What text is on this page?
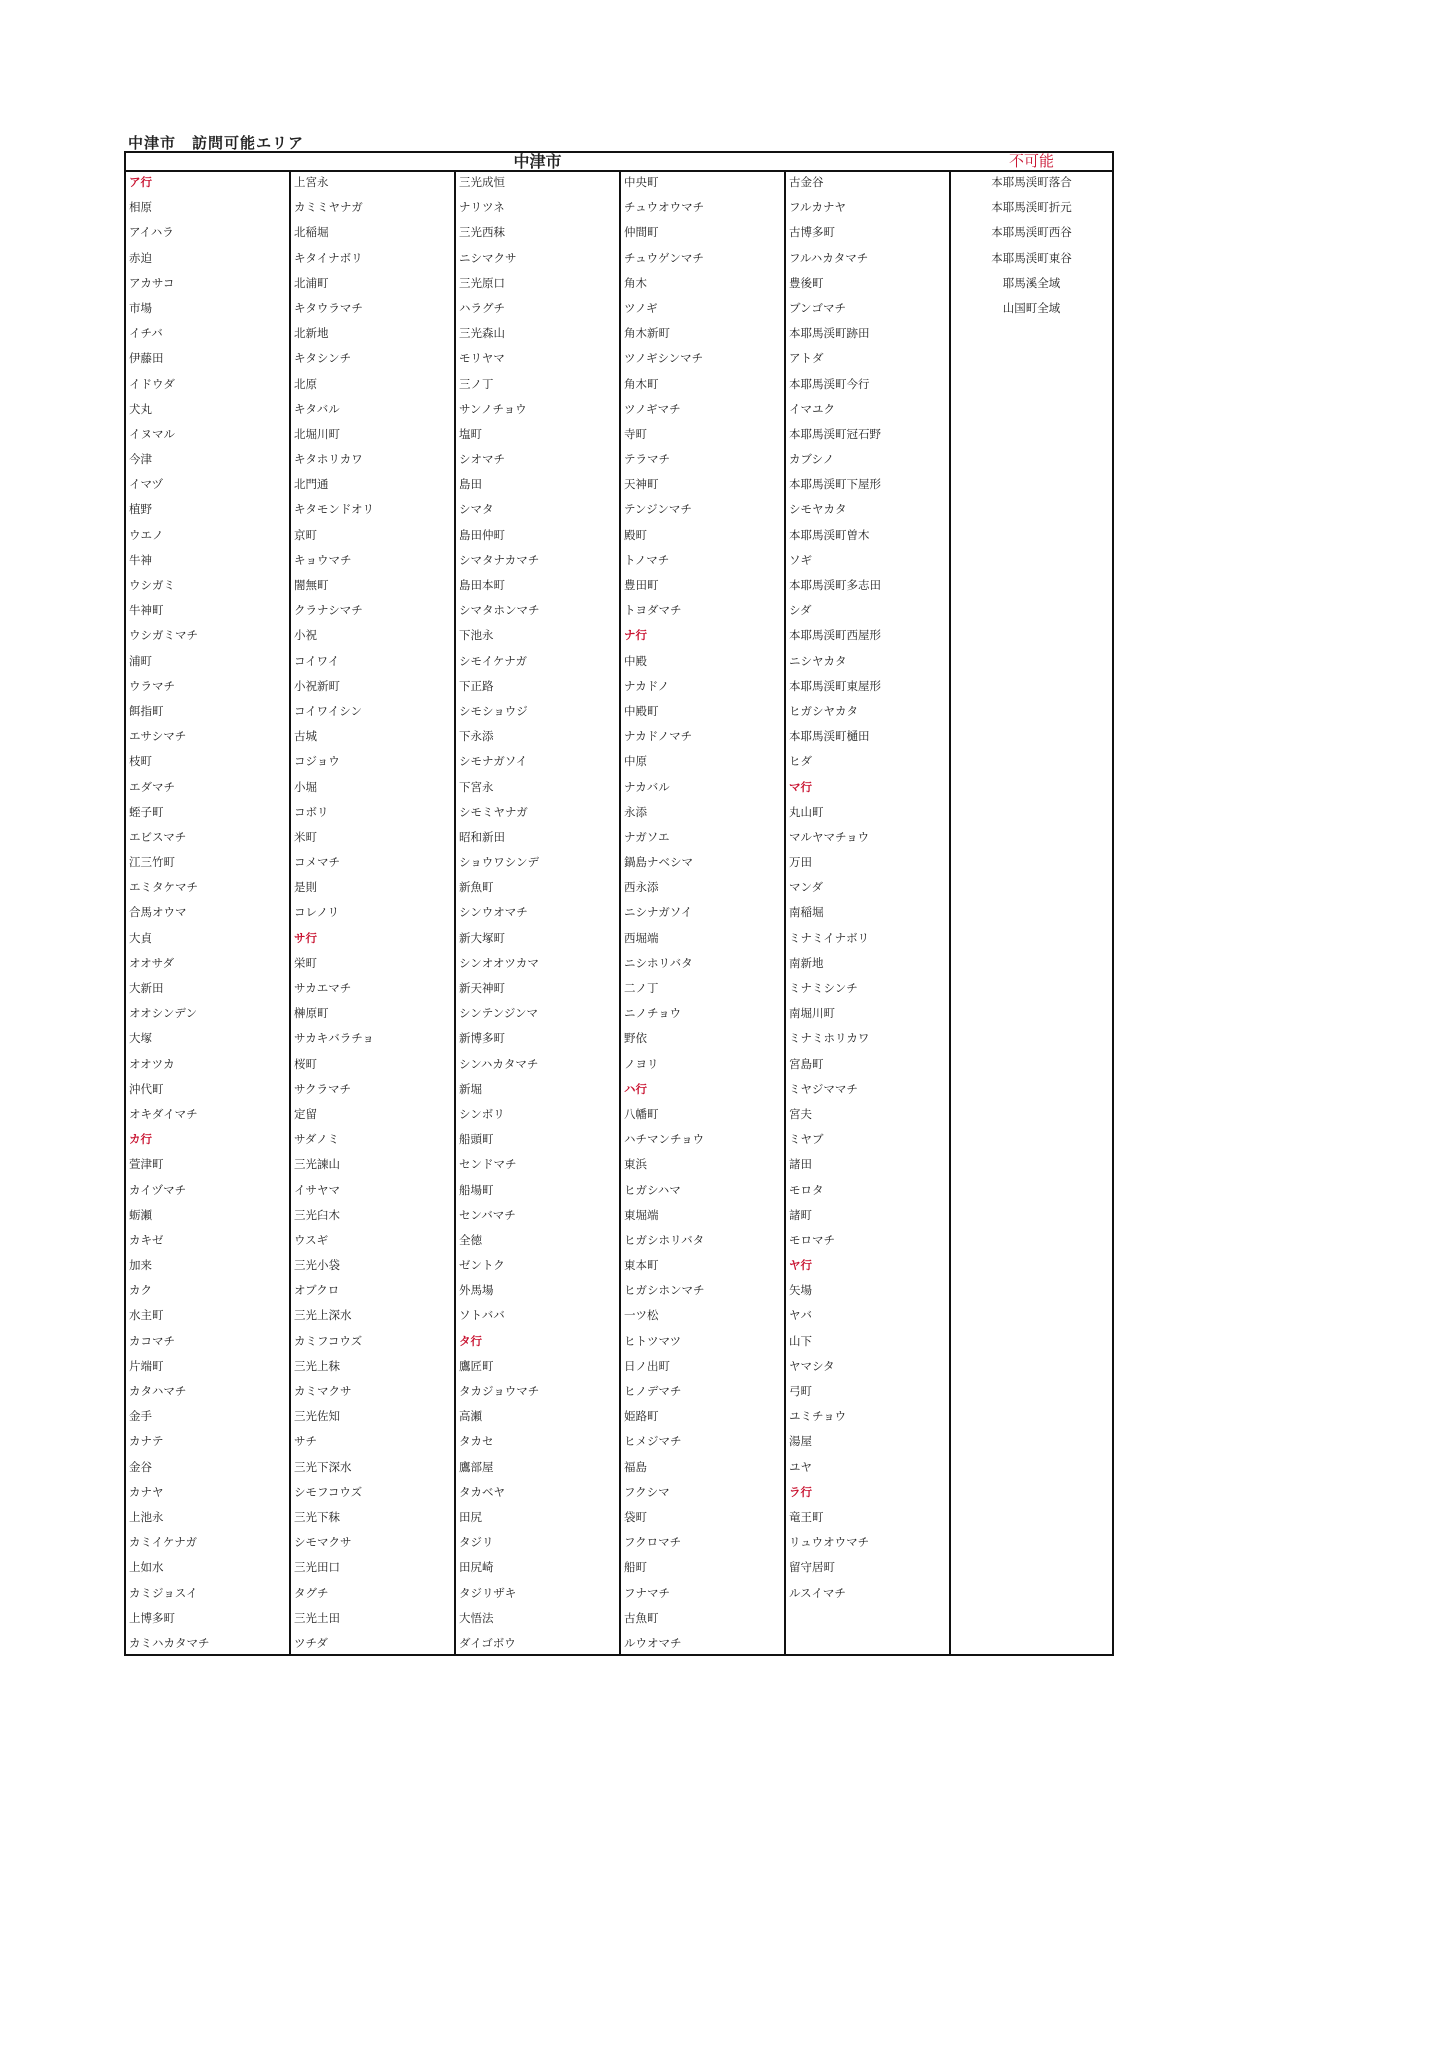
中津市　訪問可能エリア
中津市	不可能
ア行
相原
アイハラ
赤迫
アカサコ
市場
イチバ
伊藤田
イドウダ
犬丸
イヌマル
今津
イマヅ
植野
ウエノ
牛神
ウシガミ
牛神町
ウシガミマチ
浦町
ウラマチ
餌指町
エサシマチ
枝町
エダマチ
蛭子町
エビスマチ
江三竹町
エミタケマチ
合馬オウマ
大貞
オオサダ
大新田
オオシンデン
大塚
オオツカ
沖代町
オキダイマチ
カ行
萱津町
カイヅマチ
蛎瀬
カキゼ
加来
カク
水主町
カコマチ
片端町
カタハマチ
金手
カナテ
金谷
カナヤ
上池永
カミイケナガ
上如水
カミジョスイ
上博多町
カミハカタマチ
上宮永
カミミヤナガ
北稲堀
キタイナボリ
北浦町
キタウラマチ
北新地
キタシンチ
北原
キタバル
北堀川町
キタホリカワ
北門通
キタモンドオリ
京町
キョウマチ
闇無町
クラナシマチ
小祝
コイワイ
小祝新町
コイワイシン
古城
コジョウ
小堀
コボリ
米町
コメマチ
是則
コレノリ
サ行
栄町
サカエマチ
榊原町
サカキバラチョ
桜町
サクラマチ
定留
サダノミ
三光諫山
イサヤマ
三光臼木
ウスギ
三光小袋
オブクロ
三光上深水
カミフコウズ
三光上秣
カミマクサ
三光佐知
サチ
三光下深水
シモフコウズ
三光下秣
シモマクサ
三光田口
タグチ
三光土田
ツチダ
三光成恒
ナリツネ
三光西秣
ニシマクサ
三光原口
ハラグチ
三光森山
モリヤマ
三ノ丁
サンノチョウ
塩町
シオマチ
島田
シマタ
島田仲町
シマタナカマチ
島田本町
シマタホンマチ
下池永
シモイケナガ
下正路
シモショウジ
下永添
シモナガソイ
下宮永
シモミヤナガ
昭和新田
ショウワシンデ
新魚町
シンウオマチ
新大塚町
シンオオツカマ
新天神町
シンテンジンマ
新博多町
シンハカタマチ
新堀
シンボリ
船頭町
センドマチ
船場町
センバマチ
全徳
ゼントク
外馬場
ソトババ
タ行
鷹匠町
タカジョウマチ
高瀬
タカセ
鷹部屋
タカベヤ
田尻
タジリ
田尻崎
タジリザキ
大悟法
ダイゴボウ
中央町
チュウオウマチ
仲間町
チュウゲンマチ
角木
ツノギ
角木新町
ツノギシンマチ
角木町
ツノギマチ
寺町
テラマチ
天神町
テンジンマチ
殿町
トノマチ
豊田町
トヨダマチ
ナ行
中殿
ナカドノ
中殿町
ナカドノマチ
中原
ナカバル
永添
ナガソエ
鍋島ナベシマ
西永添
ニシナガソイ
西堀端
ニシホリバタ
二ノ丁
ニノチョウ
野依
ノヨリ
ハ行
八幡町
ハチマンチョウ
東浜
ヒガシハマ
東堀端
ヒガシホリバタ
東本町
ヒガシホンマチ
一ツ松
ヒトツマツ
日ノ出町
ヒノデマチ
姫路町
ヒメジマチ
福島
フクシマ
袋町
フクロマチ
船町
フナマチ
古魚町
ルウオマチ
古金谷
フルカナヤ
古博多町
フルハカタマチ
豊後町
ブンゴマチ
本耶馬渓町跡田
アトダ
本耶馬渓町今行
イマユク
本耶馬渓町冠石野
カブシノ
本耶馬渓町下屋形
シモヤカタ
本耶馬渓町曽木
ソギ
本耶馬渓町多志田
シダ
本耶馬渓町西屋形
ニシヤカタ
本耶馬渓町東屋形
ヒガシヤカタ
本耶馬渓町樋田
ヒダ
マ行
丸山町
マルヤマチョウ
万田
マンダ
南稲堀
ミナミイナボリ
南新地
ミナミシンチ
南堀川町
ミナミホリカワ
宮島町
ミヤジママチ
宮夫
ミヤブ
諸田
モロタ
諸町
モロマチ
ヤ行
矢場
ヤバ
山下
ヤマシタ
弓町
ユミチョウ
湯屋
ユヤ
ラ行
竜王町
リュウオウマチ
留守居町
ルスイマチ
本耶馬渓町落合
本耶馬渓町折元
本耶馬渓町西谷
本耶馬渓町東谷
耶馬溪全域
山国町全域
